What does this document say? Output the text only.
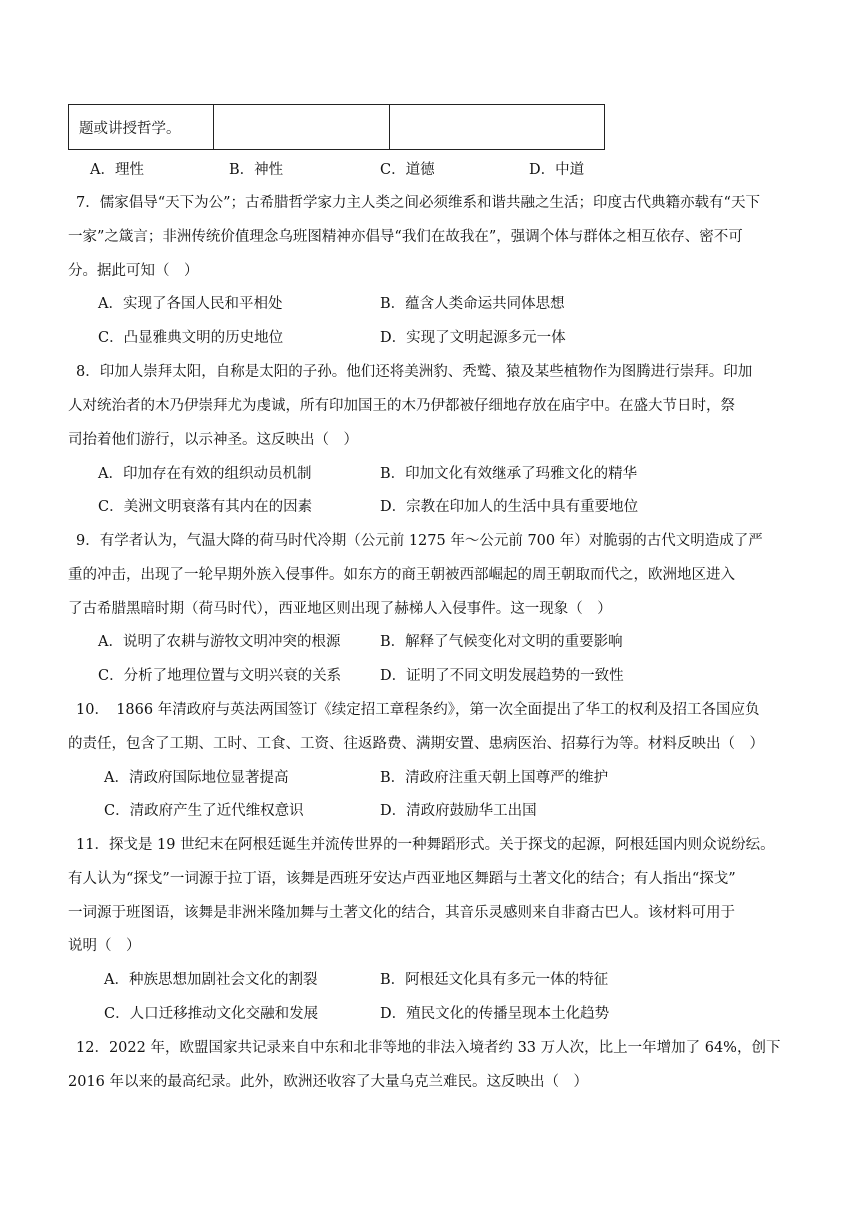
题或讲授哲学。		
A．理性	B．神性	C．道德	D．中道
7．儒家倡导“天下为公”；古希腊哲学家力主人类之间必须维系和谐共融之生活；印度古代典籍亦载有“天下
一家”之箴言；非洲传统价值理念乌班图精神亦倡导“我们在故我在”，强调个体与群体之相互依存、密不可
分。据此可知（　）
A．实现了各国人民和平相处	B．蕴含人类命运共同体思想
C．凸显雅典文明的历史地位	D．实现了文明起源多元一体
8．印加人崇拜太阳，自称是太阳的子孙。他们还将美洲豹、秃鹫、猿及某些植物作为图腾进行崇拜。印加
人对统治者的木乃伊崇拜尤为虔诚，所有印加国王的木乃伊都被仔细地存放在庙宇中。在盛大节日时，祭
司抬着他们游行，以示神圣。这反映出（　）
A．印加存在有效的组织动员机制	B．印加文化有效继承了玛雅文化的精华
C．美洲文明衰落有其内在的因素	D．宗教在印加人的生活中具有重要地位
9．有学者认为，气温大降的荷马时代冷期（公元前 1275 年～公元前 700 年）对脆弱的古代文明造成了严
重的冲击，出现了一轮早期外族入侵事件。如东方的商王朝被西部崛起的周王朝取而代之，欧洲地区进入
了古希腊黑暗时期（荷马时代），西亚地区则出现了赫梯人入侵事件。这一现象（　）
A．说明了农耕与游牧文明冲突的根源	B．解释了气候变化对文明的重要影响
C．分析了地理位置与文明兴衰的关系	D．证明了不同文明发展趋势的一致性
10．　1866 年清政府与英法两国签订《续定招工章程条约》，第一次全面提出了华工的权利及招工各国应负
的责任，包含了工期、工时、工食、工资、往返路费、满期安置、患病医治、招募行为等。材料反映出（　）
A．清政府国际地位显著提高	B．清政府注重天朝上国尊严的维护
C．清政府产生了近代维权意识	D．清政府鼓励华工出国
11．探戈是 19 世纪末在阿根廷诞生并流传世界的一种舞蹈形式。关于探戈的起源，阿根廷国内则众说纷纭。
有人认为“探戈”一词源于拉丁语，该舞是西班牙安达卢西亚地区舞蹈与土著文化的结合；有人指出“探戈”
一词源于班图语，该舞是非洲米隆加舞与土著文化的结合，其音乐灵感则来自非裔古巴人。该材料可用于
说明（　）
A．种族思想加剧社会文化的割裂	B．阿根廷文化具有多元一体的特征
C．人口迁移推动文化交融和发展	D．殖民文化的传播呈现本土化趋势
12．2022 年，欧盟国家共记录来自中东和北非等地的非法入境者约 33 万人次，比上一年增加了 64%，创下
2016 年以来的最高纪录。此外，欧洲还收容了大量乌克兰难民。这反映出（　）
